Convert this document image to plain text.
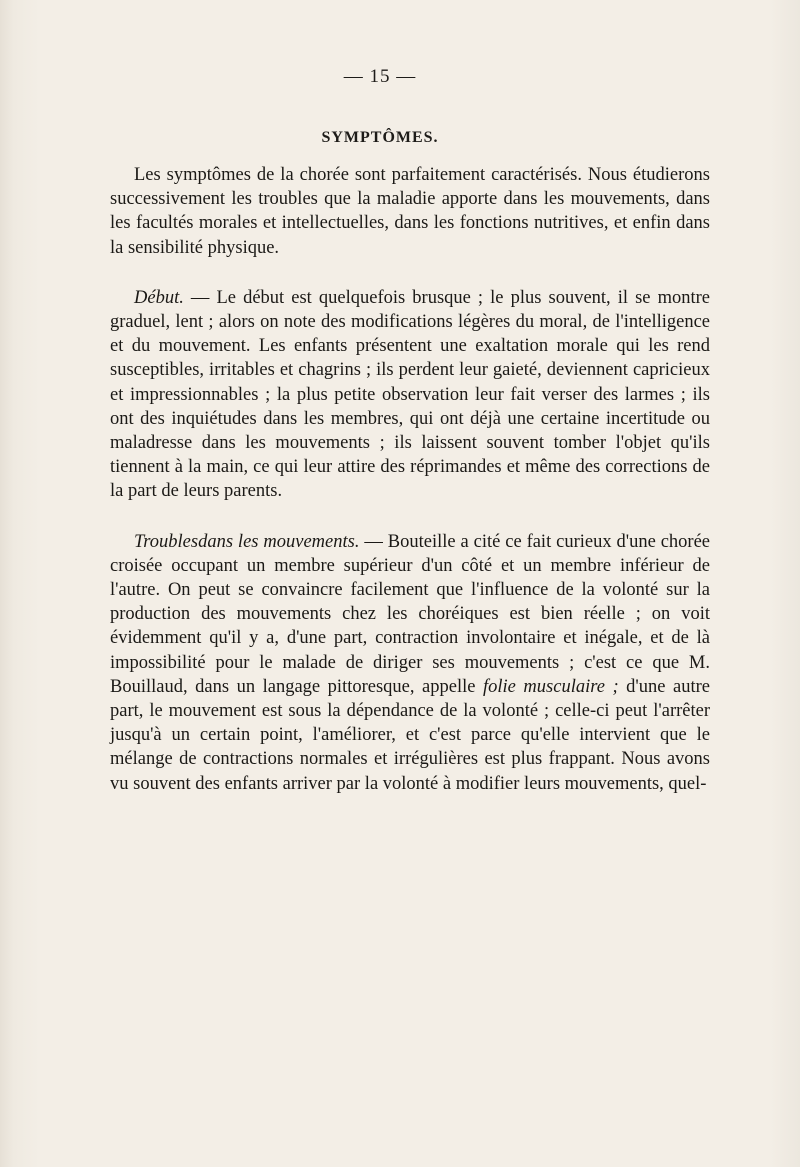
— 15 —
SYMPTÔMES.

Les symptômes de la chorée sont parfaitement caractérisés. Nous étudierons successivement les troubles que la maladie apporte dans les mouvements, dans les facultés morales et intellectuelles, dans les fonctions nutritives, et enfin dans la sensibilité physique.

Début. — Le début est quelquefois brusque ; le plus souvent, il se montre graduel, lent ; alors on note des modifications légères du moral, de l'intelligence et du mouvement. Les enfants présentent une exaltation morale qui les rend susceptibles, irritables et chagrins ; ils perdent leur gaieté, deviennent capricieux et impressionnables ; la plus petite observation leur fait verser des larmes ; ils ont des inquiétudes dans les membres, qui ont déjà une certaine incertitude ou maladresse dans les mouvements ; ils laissent souvent tomber l'objet qu'ils tiennent à la main, ce qui leur attire des réprimandes et même des corrections de la part de leurs parents.

Troublesdans les mouvements. — Bouteille a cité ce fait curieux d'une chorée croisée occupant un membre supérieur d'un côté et un membre inférieur de l'autre. On peut se convaincre facilement que l'influence de la volonté sur la production des mouvements chez les choréiques est bien réelle ; on voit évidemment qu'il y a, d'une part, contraction involontaire et inégale, et de là impossibilité pour le malade de diriger ses mouvements ; c'est ce que M. Bouillaud, dans un langage pittoresque, appelle folie musculaire ; d'une autre part, le mouvement est sous la dépendance de la volonté ; celle-ci peut l'arrêter jusqu'à un certain point, l'améliorer, et c'est parce qu'elle intervient que le mélange de contractions normales et irrégulières est plus frappant. Nous avons vu souvent des enfants arriver par la volonté à modifier leurs mouvements, quel-
